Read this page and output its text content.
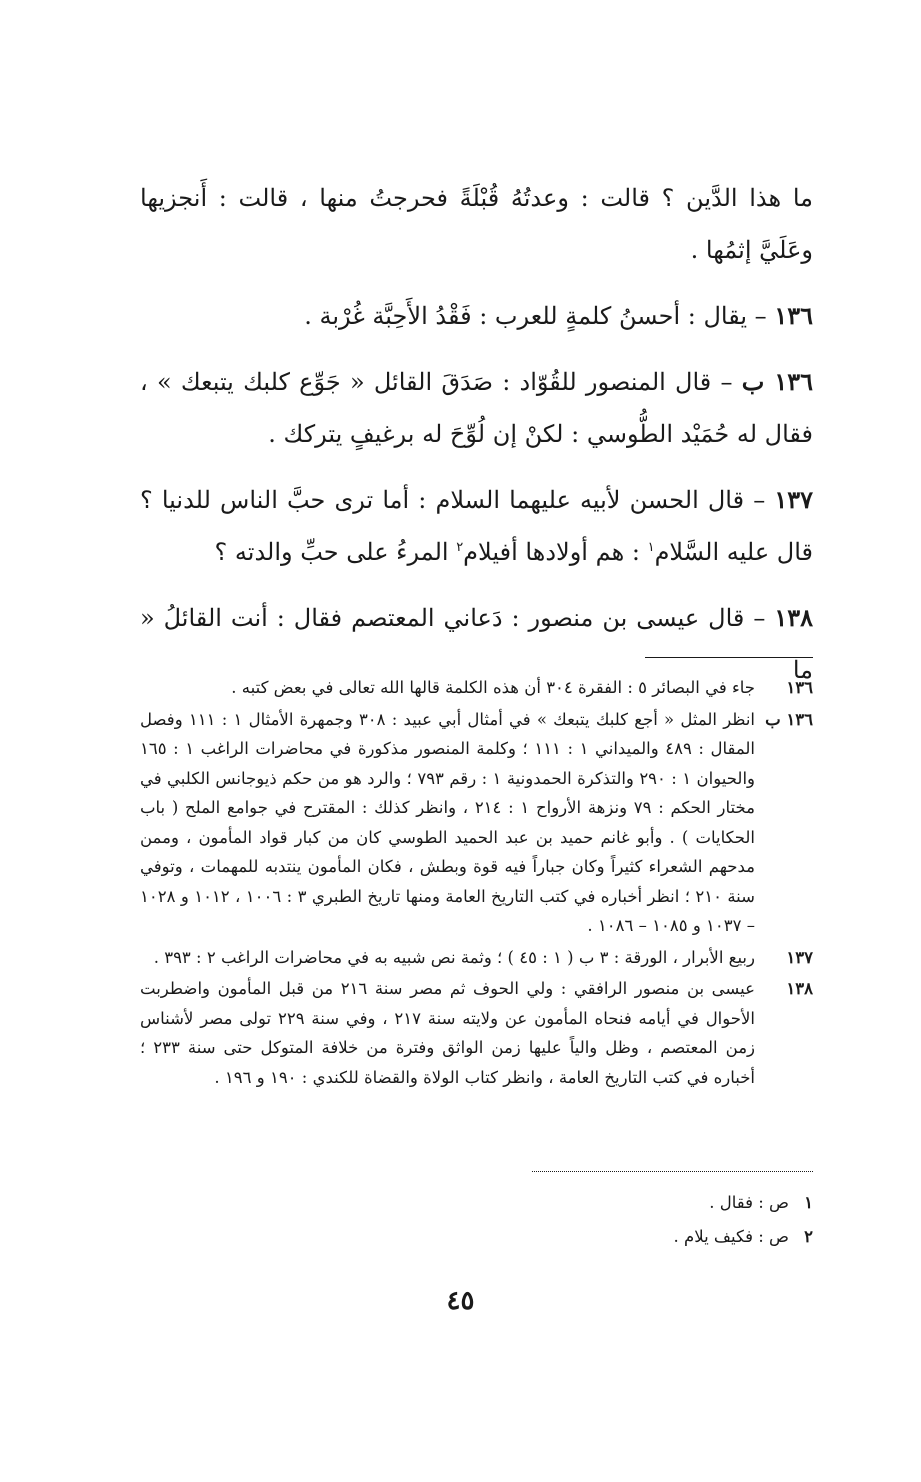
ما هذا الدَّين ؟ قالت : وعدتُهُ قُبْلَةً فحرجتُ منها ، قالت : أَنجزيها وعَلَيَّ إثمُها .

١٣٦ – يقال : أحسنُ كلمةٍ للعرب : فَقْدُ الأَحِبَّة غُرْبة .

١٣٦ ب – قال المنصور للقُوّاد : صَدَقَ القائل « جَوِّع كلبك يتبعك » ، فقال له حُمَيْد الطُّوسي : لكنْ إن لُوِّحَ له برغيفٍ يتركك .

١٣٧ – قال الحسن لأبيه عليهما السلام : أما ترى حبَّ الناس للدنيا ؟ قال عليه السَّلام$^١$ : هم أولادها أفيلام$^٢$ المرءُ على حبِّ والدته ؟

١٣٨ – قال عيسى بن منصور : دَعاني المعتصم فقال : أنت القائلُ « ما

١٣٦
جاء في البصائر ٥ : الفقرة ٣٠٤ أن هذه الكلمة قالها الله تعالى في بعض كتبه .
١٣٦ ب
انظر المثل « أجع كلبك يتبعك » في أمثال أبي عبيد : ٣٠٨ وجمهرة الأمثال ١ : ١١١ وفصل المقال : ٤٨٩ والميداني ١ : ١١١ ؛ وكلمة المنصور مذكورة في محاضرات الراغب ١ : ١٦٥ والحيوان ١ : ٢٩٠ والتذكرة الحمدونية ١ : رقم ٧٩٣ ؛ والرد هو من حكم ذيوجانس الكلبي في مختار الحكم : ٧٩ ونزهة الأرواح ١ : ٢١٤ ، وانظر كذلك : المقترح في جوامع الملح ( باب الحكايات ) . وأبو غانم حميد بن عبد الحميد الطوسي كان من كبار قواد المأمون ، وممن مدحهم الشعراء كثيراً وكان جباراً فيه قوة وبطش ، فكان المأمون ينتدبه للمهمات ، وتوفي سنة ٢١٠ ؛ انظر أخباره في كتب التاريخ العامة ومنها تاريخ الطبري ٣ : ١٠٠٦ ، ١٠١٢ و ١٠٢٨ – ١٠٣٧ و ١٠٨٥ – ١٠٨٦ .
١٣٧
ربيع الأبرار ، الورقة : ٣ ب ( ١ : ٤٥ ) ؛ وثمة نص شبيه به في محاضرات الراغب ٢ : ٣٩٣ .
١٣٨
عيسى بن منصور الرافقي : ولي الحوف ثم مصر سنة ٢١٦ من قبل المأمون واضطربت الأحوال في أيامه فنحاه المأمون عن ولايته سنة ٢١٧ ، وفي سنة ٢٢٩ تولى مصر لأشناس زمن المعتصم ، وظل والياً عليها زمن الواثق وفترة من خلافة المتوكل حتى سنة ٢٣٣ ؛ أخباره في كتب التاريخ العامة ، وانظر كتاب الولاة والقضاة للكندي : ١٩٠ و ١٩٦ .
١
ص : فقال .
٢
ص : فكيف يلام .
٤٥
